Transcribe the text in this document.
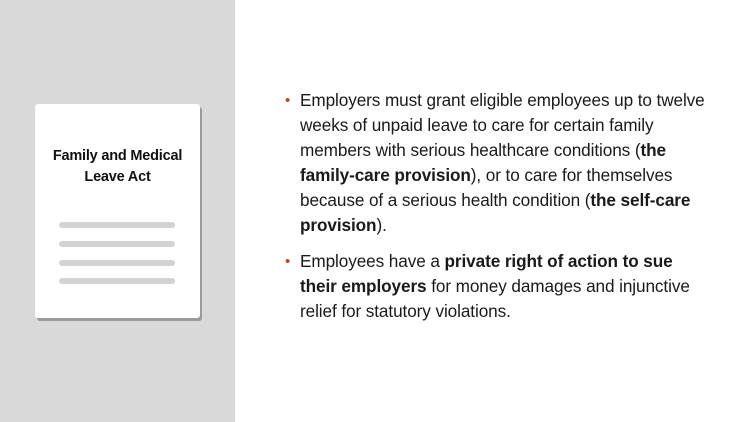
Family and Medical
Leave Act
• Employers must grant eligible employees up to twelve weeks of unpaid leave to care for certain family members with serious healthcare conditions (the family-care provision), or to care for themselves because of a serious health condition (the self-care provision).
• Employees have a private right of action to sue their employers for money damages and injunctive relief for statutory violations.
